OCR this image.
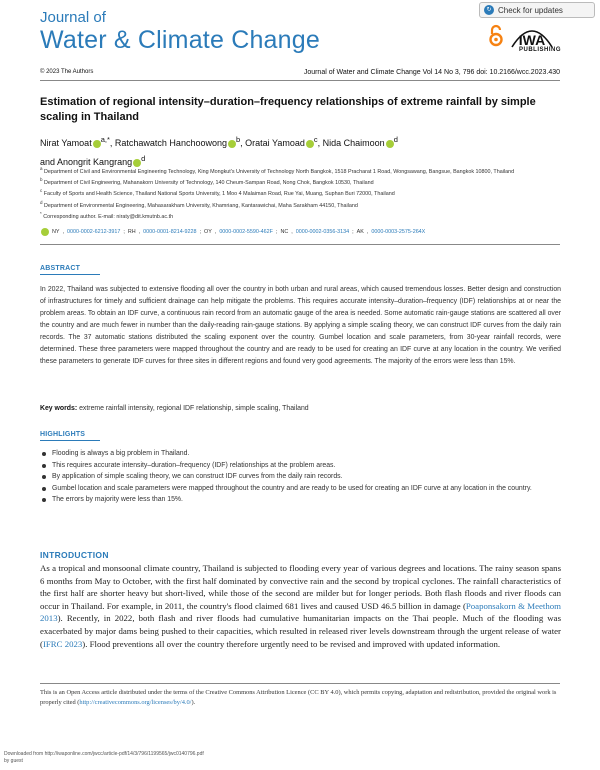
Journal of
Water & Climate Change
↻ Check for updates
IWA
PUBLISHING
© 2023 The Authors	Journal of Water and Climate Change Vol 14 No 3, 796 doi: 10.2166/wcc.2023.430
Estimation of regional intensity–duration–frequency relationships of extreme rainfall by simple scaling in Thailand
Nirat Yamoat $^{a,*}$, Ratchawatch Hanchoowong $^b$, Oratai Yamoad $^c$, Nida Chaimoon $^d$
and Anongrit Kangrang $^d$
$^a$ Department of Civil and Environmental Engineering Technology, King Mongkut's University of Technology North Bangkok, 1518 Pracharat 1 Road, Wongsawang, Bangsue, Bangkok 10800, Thailand
$^b$ Department of Civil Engineering, Mahanakorn University of Technology, 140 Cheum-Sampan Road, Nong Chok, Bangkok 10530, Thailand
$^c$ Faculty of Sports and Health Science, Thailand National Sports University, 1 Moo 4 Malaiman Road, Rue Yai, Muang, Suphan Buri 72000, Thailand
$^d$ Department of Environmental Engineering, Mahasarakham University, Khamriang, Kantarawichai, Maha Sarakham 44150, Thailand
* Corresponding author. E-mail: niraty@dit.kmutnb.ac.th
NY , 0000-0002-6212-3917 ; RH , 0000-0001-8214-9228 ; OY , 0000-0002-5590-462F ; NC , 0000-0002-0356-3134 ; AK , 0000-0003-2575-264X
ABSTRACT
In 2022, Thailand was subjected to extensive flooding all over the country in both urban and rural areas, which caused tremendous losses. Better design and construction of infrastructures for timely and sufficient drainage can help mitigate the problems. This requires accurate intensity–duration–frequency (IDF) relationships at or near the problem areas. To obtain an IDF curve, a continuous rain record from an automatic gauge of the area is needed. Some automatic rain-gauge stations are scattered all over the country and are much fewer in number than the daily-reading rain-gauge stations. By applying a simple scaling theory, we can construct IDF curves from the daily rain records. The 37 automatic stations distributed the scaling exponent over the country. Gumbel location and scale parameters, from 30-year rainfall records, were determined. These three parameters were mapped throughout the country and are ready to be used for creating an IDF curve at any location in the country. We verified these parameters to generate IDF curves for three sites in different regions and found very good agreements. The majority of the errors were less than 15%.
Key words: extreme rainfall intensity, regional IDF relationship, simple scaling, Thailand
HIGHLIGHTS
Flooding is always a big problem in Thailand.
This requires accurate intensity–duration–frequency (IDF) relationships at the problem areas.
By application of simple scaling theory, we can construct IDF curves from the daily rain records.
Gumbel location and scale parameters were mapped throughout the country and are ready to be used for creating an IDF curve at any location in the country.
The errors by majority were less than 15%.
INTRODUCTION
As a tropical and monsoonal climate country, Thailand is subjected to flooding every year of various degrees and locations. The rainy season spans 6 months from May to October, with the first half dominated by convective rain and the second by tropical cyclones. The rainfall characteristics of the first half are shorter heavy but short-lived, while those of the second are milder but for longer periods. Both flash floods and river floods can occur in Thailand. For example, in 2011, the country's flood claimed 681 lives and caused USD 46.5 billion in damage (Poaponsakorn & Meethom 2013). Recently, in 2022, both flash and river floods had cumulative humanitarian impacts on the Thai people. Much of the flooding was exacerbated by major dams being pushed to their capacities, which resulted in released river levels downstream through the urgent release of water (IFRC 2023). Flood preventions all over the country therefore urgently need to be revised and improved with updated information.
This is an Open Access article distributed under the terms of the Creative Commons Attribution Licence (CC BY 4.0), which permits copying, adaptation and redistribution, provided the original work is properly cited (http://creativecommons.org/licenses/by/4.0/).
Downloaded from http://iwaponline.com/jwcc/article-pdf/14/3/796/1199565/jwc0140796.pdf
by guest
